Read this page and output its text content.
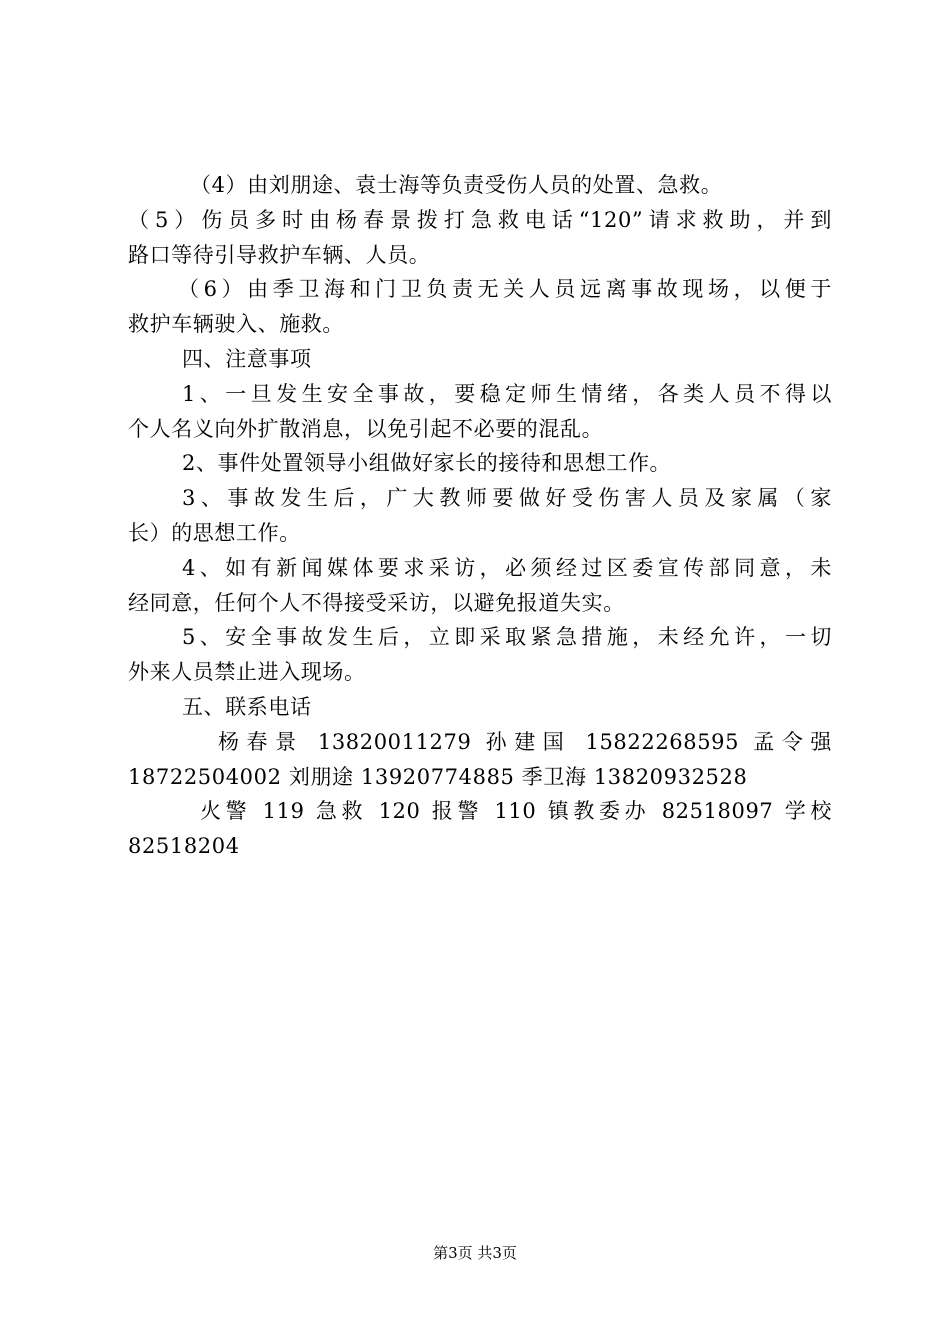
（4）由刘朋途、袁士海等负责受伤人员的处置、急救。
（5）伤员多时由杨春景拨打急救电话“120”请求救助，并到
路口等待引导救护车辆、人员。
（6）由季卫海和门卫负责无关人员远离事故现场，以便于
救护车辆驶入、施救。
四、注意事项
1、一旦发生安全事故，要稳定师生情绪，各类人员不得以
个人名义向外扩散消息，以免引起不必要的混乱。
2、事件处置领导小组做好家长的接待和思想工作。
3、事故发生后，广大教师要做好受伤害人员及家属（家
长）的思想工作。
4、如有新闻媒体要求采访，必须经过区委宣传部同意，未
经同意，任何个人不得接受采访，以避免报道失实。
5、安全事故发生后，立即采取紧急措施，未经允许，一切
外来人员禁止进入现场。
五、联系电话
杨春景 13820011279 孙建国 15822268595 孟令强
18722504002 刘朋途 13920774885 季卫海 13820932528
火警 119 急救 120 报警 110 镇教委办 82518097 学校
82518204
第3页 共3页
